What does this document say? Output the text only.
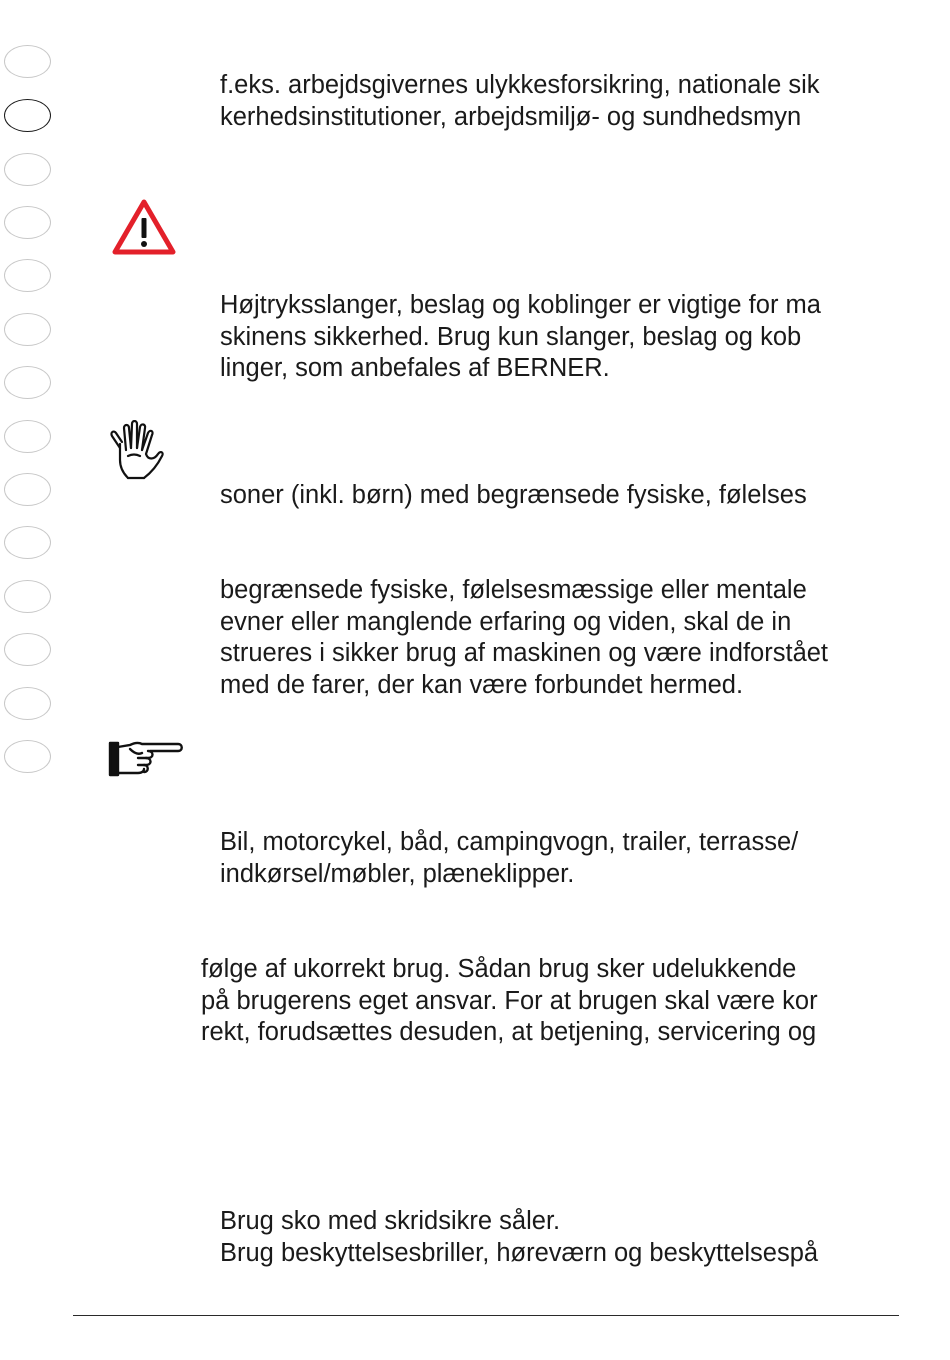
f.eks. arbejdsgivernes ulykkesforsikring, nationale sik
kerhedsinstitutioner, arbejdsmiljø- og sundhedsmyn
Højtryksslanger, beslag og koblinger er vigtige for ma
skinens sikkerhed. Brug kun slanger, beslag og kob
linger, som anbefales af BERNER.
soner (inkl. børn) med begrænsede fysiske, følelses
begrænsede fysiske, følelsesmæssige eller mentale
evner eller manglende erfaring og viden, skal de in
strueres i sikker brug af maskinen og være indforstået
med de farer, der kan være forbundet hermed.
Bil, motorcykel, båd, campingvogn, trailer, terrasse/
indkørsel/møbler, plæneklipper.
følge af ukorrekt brug. Sådan brug sker udelukkende
på brugerens eget ansvar. For at brugen skal være kor
rekt, forudsættes desuden, at betjening, servicering og
Brug sko med skridsikre såler.
Brug beskyttelsesbriller, høreværn og beskyttelsespå
